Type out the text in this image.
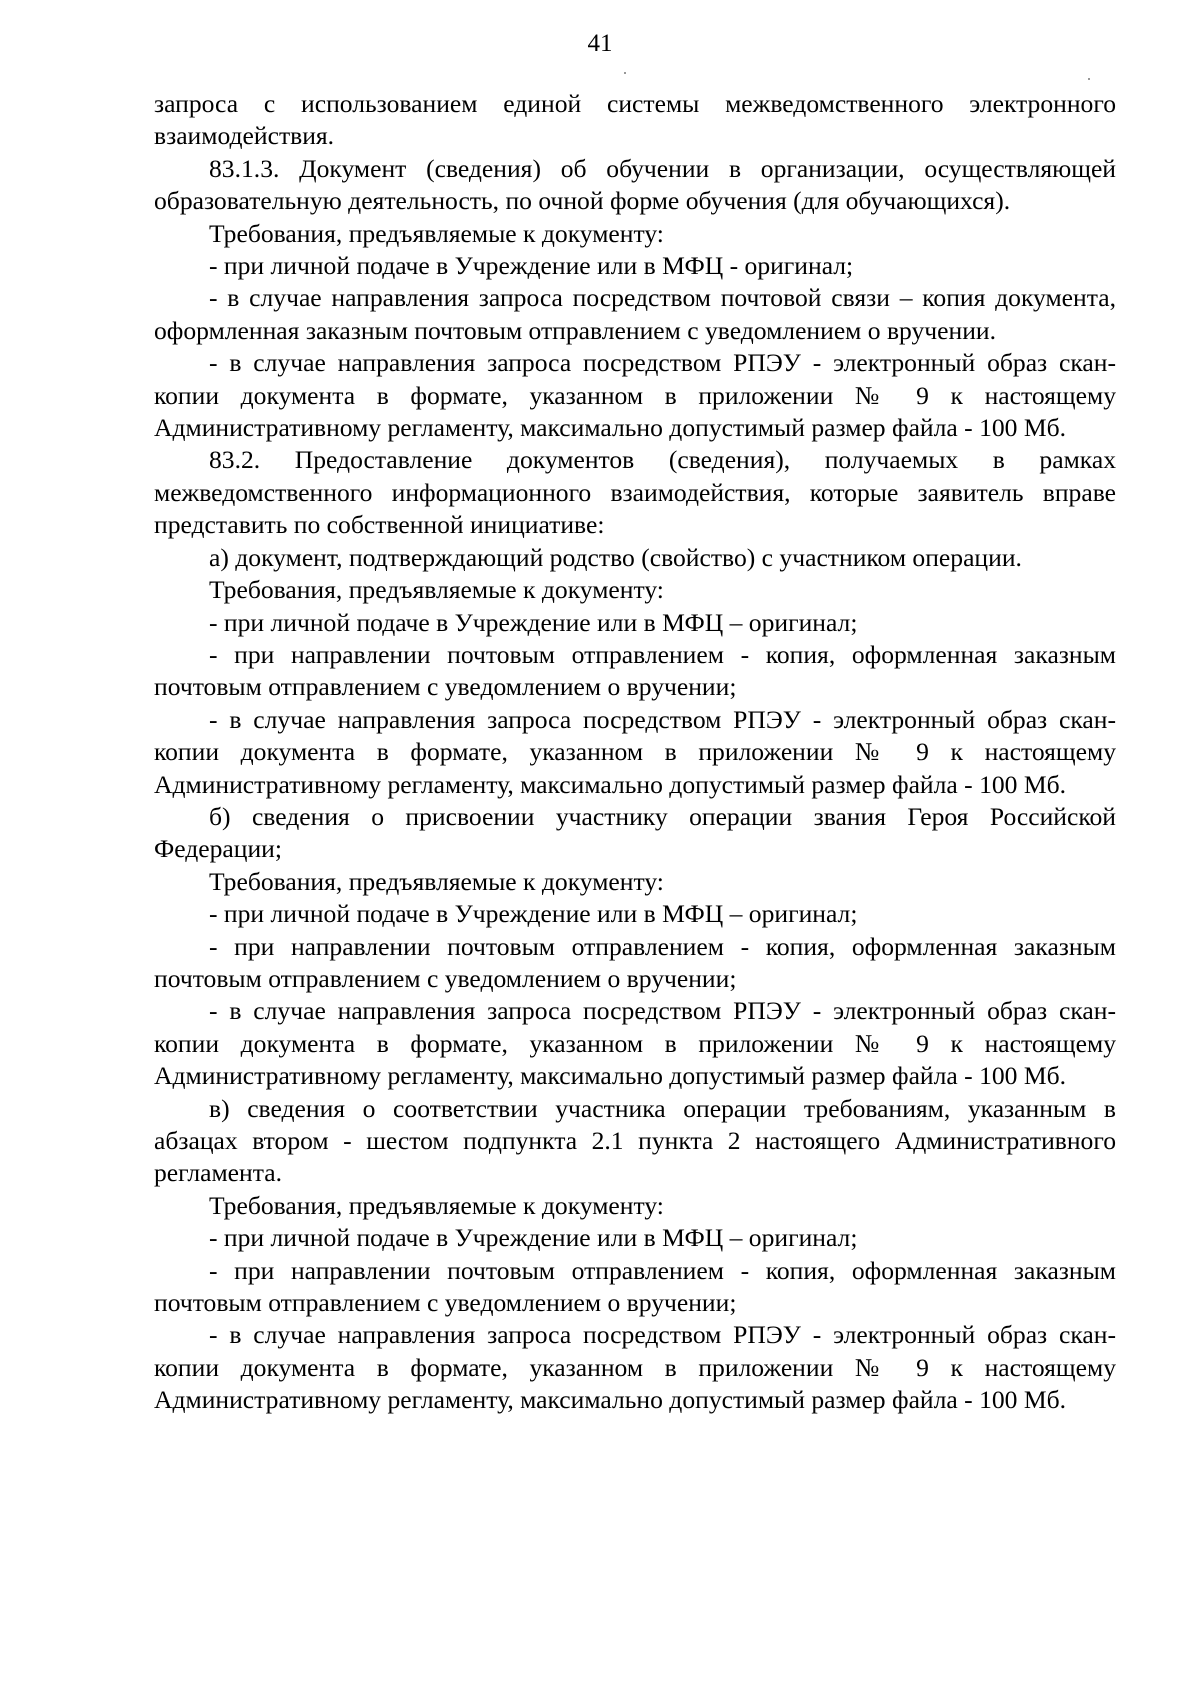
41

запроса с использованием единой системы межведомственного электронного взаимодействия.

83.1.3. Документ (сведения) об обучении в организации, осуществляющей образовательную деятельность, по очной форме обучения (для обучающихся).

Требования, предъявляемые к документу:

- при личной подаче в Учреждение или в МФЦ - оригинал;

- в случае направления запроса посредством почтовой связи – копия документа, оформленная заказным почтовым отправлением с уведомлением о вручении.

- в случае направления запроса посредством РПЭУ - электронный образ скан-копии документа в формате, указанном в приложении № 9 к настоящему Административному регламенту, максимально допустимый размер файла - 100 Мб.

83.2. Предоставление документов (сведения), получаемых в рамках межведомственного информационного взаимодействия, которые заявитель вправе представить по собственной инициативе:

а) документ, подтверждающий родство (свойство) с участником операции.

Требования, предъявляемые к документу:

- при личной подаче в Учреждение или в МФЦ – оригинал;

- при направлении почтовым отправлением - копия, оформленная заказным почтовым отправлением с уведомлением о вручении;

- в случае направления запроса посредством РПЭУ - электронный образ скан-копии документа в формате, указанном в приложении № 9 к настоящему Административному регламенту, максимально допустимый размер файла - 100 Мб.

б) сведения о присвоении участнику операции звания Героя Российской Федерации;

Требования, предъявляемые к документу:

- при личной подаче в Учреждение или в МФЦ – оригинал;

- при направлении почтовым отправлением - копия, оформленная заказным почтовым отправлением с уведомлением о вручении;

- в случае направления запроса посредством РПЭУ - электронный образ скан-копии документа в формате, указанном в приложении № 9 к настоящему Административному регламенту, максимально допустимый размер файла - 100 Мб.

в) сведения о соответствии участника операции требованиям, указанным в абзацах втором - шестом подпункта 2.1 пункта 2 настоящего Административного регламента.

Требования, предъявляемые к документу:

- при личной подаче в Учреждение или в МФЦ – оригинал;

- при направлении почтовым отправлением - копия, оформленная заказным почтовым отправлением с уведомлением о вручении;

- в случае направления запроса посредством РПЭУ - электронный образ скан-копии документа в формате, указанном в приложении № 9 к настоящему Административному регламенту, максимально допустимый размер файла - 100 Мб.
